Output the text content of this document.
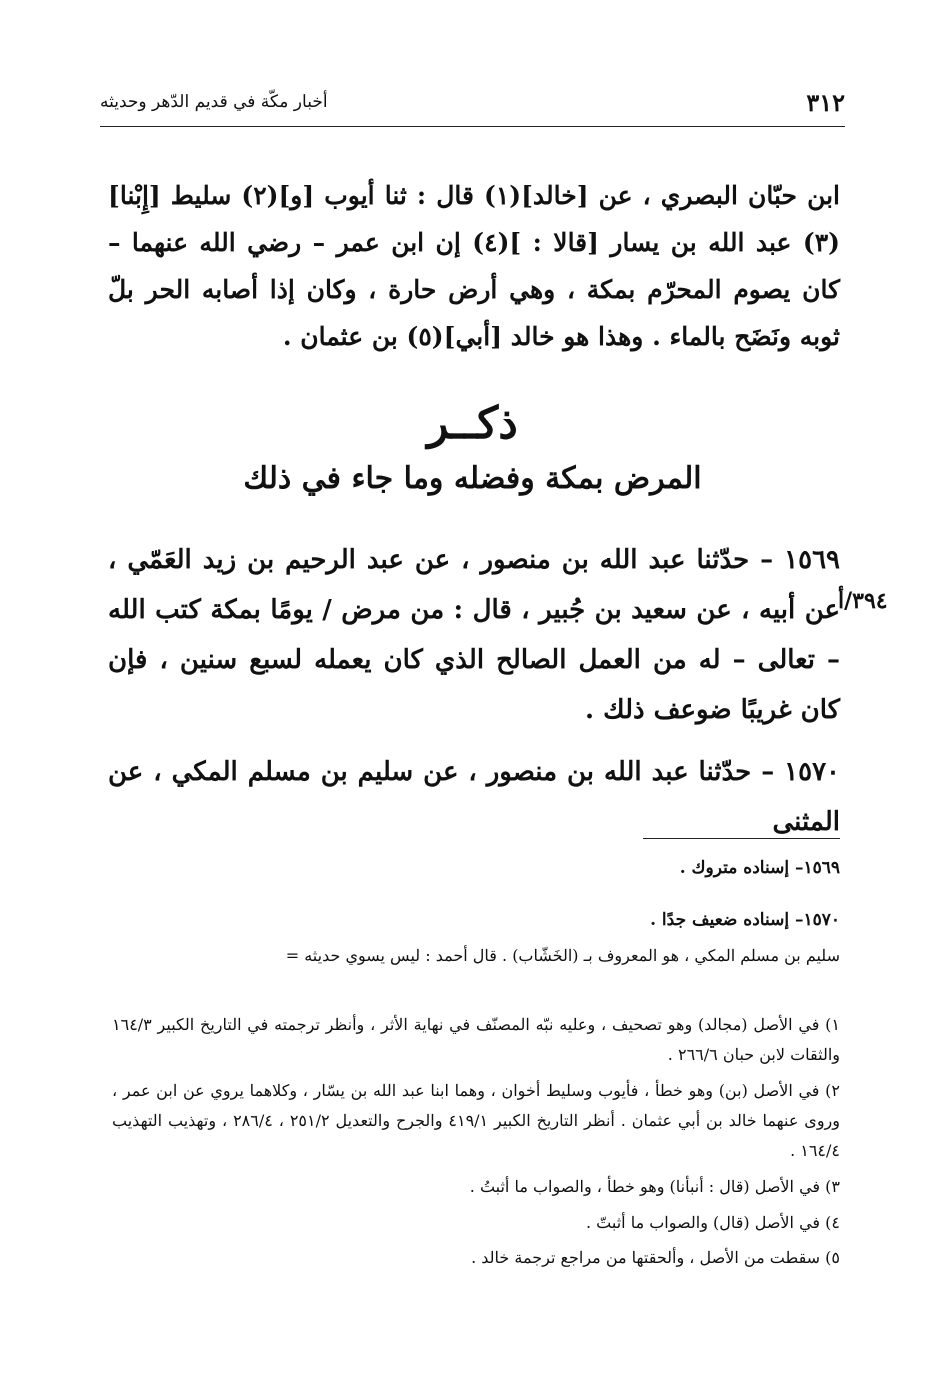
٣١٢
أخبار مكّة في قديم الدّهر وحديثه
ابن حبّان البصري ، عن [خالد](١) قال : ثنا أيوب [و](٢) سليط [إِبْنا](٣) عبد الله بن يسار [قالا : ](٤) إن ابن عمر – رضي الله عنهما – كان يصوم المحرّم بمكة ، وهي أرض حارة ، وكان إذا أصابه الحر بلّ ثوبه ونَضَح بالماء . وهذا هو خالد [أبي](٥) بن عثمان .
ذكــر
المرض بمكة وفضله وما جاء في ذلك
١٥٦٩ – حدّثنا عبد الله بن منصور ، عن عبد الرحيم بن زيد العَمّي ، عن أبيه ، عن سعيد بن جُبير ، قال : من مرض / يومًا بمكة كتب الله – تعالى – له من العمل الصالح الذي كان يعمله لسبع سنين ، فإن كان غريبًا ضوعف ذلك .
٣٩٤/أ
١٥٧٠ – حدّثنا عبد الله بن منصور ، عن سليم بن مسلم المكي ، عن المثنى
١٥٦٩– إسناده متروك .
١٥٧٠– إسناده ضعيف جدًا .
سليم بن مسلم المكي ، هو المعروف بـ (الخَشّاب) . قال أحمد : ليس يسوي حديثه =
١) في الأصل (مجالد) وهو تصحيف ، وعليه نبّه المصنّف في نهاية الأثر ، وأنظر ترجمته في التاريخ الكبير ١٦٤/٣ والثقات لابن حبان ٢٦٦/٦ .
٢) في الأصل (بن) وهو خطأ ، فأيوب وسليط أخوان ، وهما ابنا عبد الله بن يسّار ، وكلاهما يروي عن ابن عمر ، وروى عنهما خالد بن أبي عثمان . أنظر التاريخ الكبير ٤١٩/١ والجرح والتعديل ٢٥١/٢ ، ٢٨٦/٤ ، وتهذيب التهذيب ١٦٤/٤ .
٣) في الأصل (قال : أنبأنا) وهو خطأ ، والصواب ما أثبتُ .
٤) في الأصل (قال) والصواب ما أثبتّ .
٥) سقطت من الأصل ، وألحقتها من مراجع ترجمة خالد .
